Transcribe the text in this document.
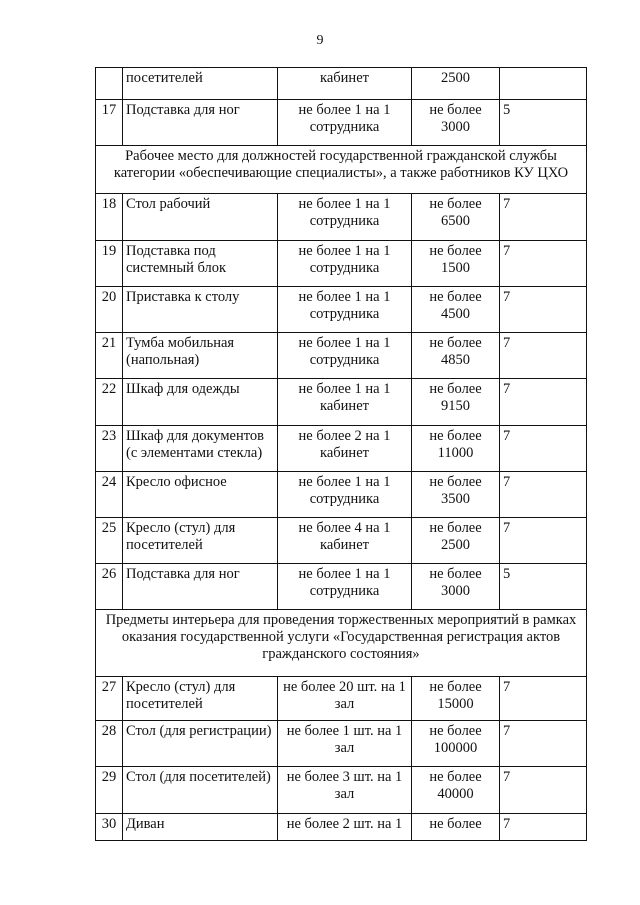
9
	посетителей	кабинет	2500	
17	Подставка для ног	не более 1 на 1 сотрудника	не более 3000	5
Рабочее место для должностей государственной гражданской службы категории «обеспечивающие специалисты», а также работников КУ ЦХО				
18	Стол рабочий	не более 1 на 1 сотрудника	не более 6500	7
19	Подставка под системный блок	не более 1 на 1 сотрудника	не более 1500	7
20	Приставка к столу	не более 1 на 1 сотрудника	не более 4500	7
21	Тумба мобильная (напольная)	не более 1 на 1 сотрудника	не более 4850	7
22	Шкаф для одежды	не более 1 на 1 кабинет	не более 9150	7
23	Шкаф для документов (с элементами стекла)	не более 2 на 1 кабинет	не более 11000	7
24	Кресло офисное	не более 1 на 1 сотрудника	не более 3500	7
25	Кресло (стул) для посетителей	не более 4 на 1 кабинет	не более 2500	7
26	Подставка для ног	не более 1 на 1 сотрудника	не более 3000	5
Предметы интерьера для проведения торжественных мероприятий в рамках оказания государственной услуги «Государственная регистрация актов гражданского состояния»				
27	Кресло (стул) для посетителей	не более 20 шт. на 1 зал	не более 15000	7
28	Стол (для регистрации)	не более 1 шт. на 1 зал	не более 100000	7
29	Стол (для посетителей)	не более 3 шт. на 1 зал	не более 40000	7
30	Диван	не более 2 шт. на 1	не более	7
